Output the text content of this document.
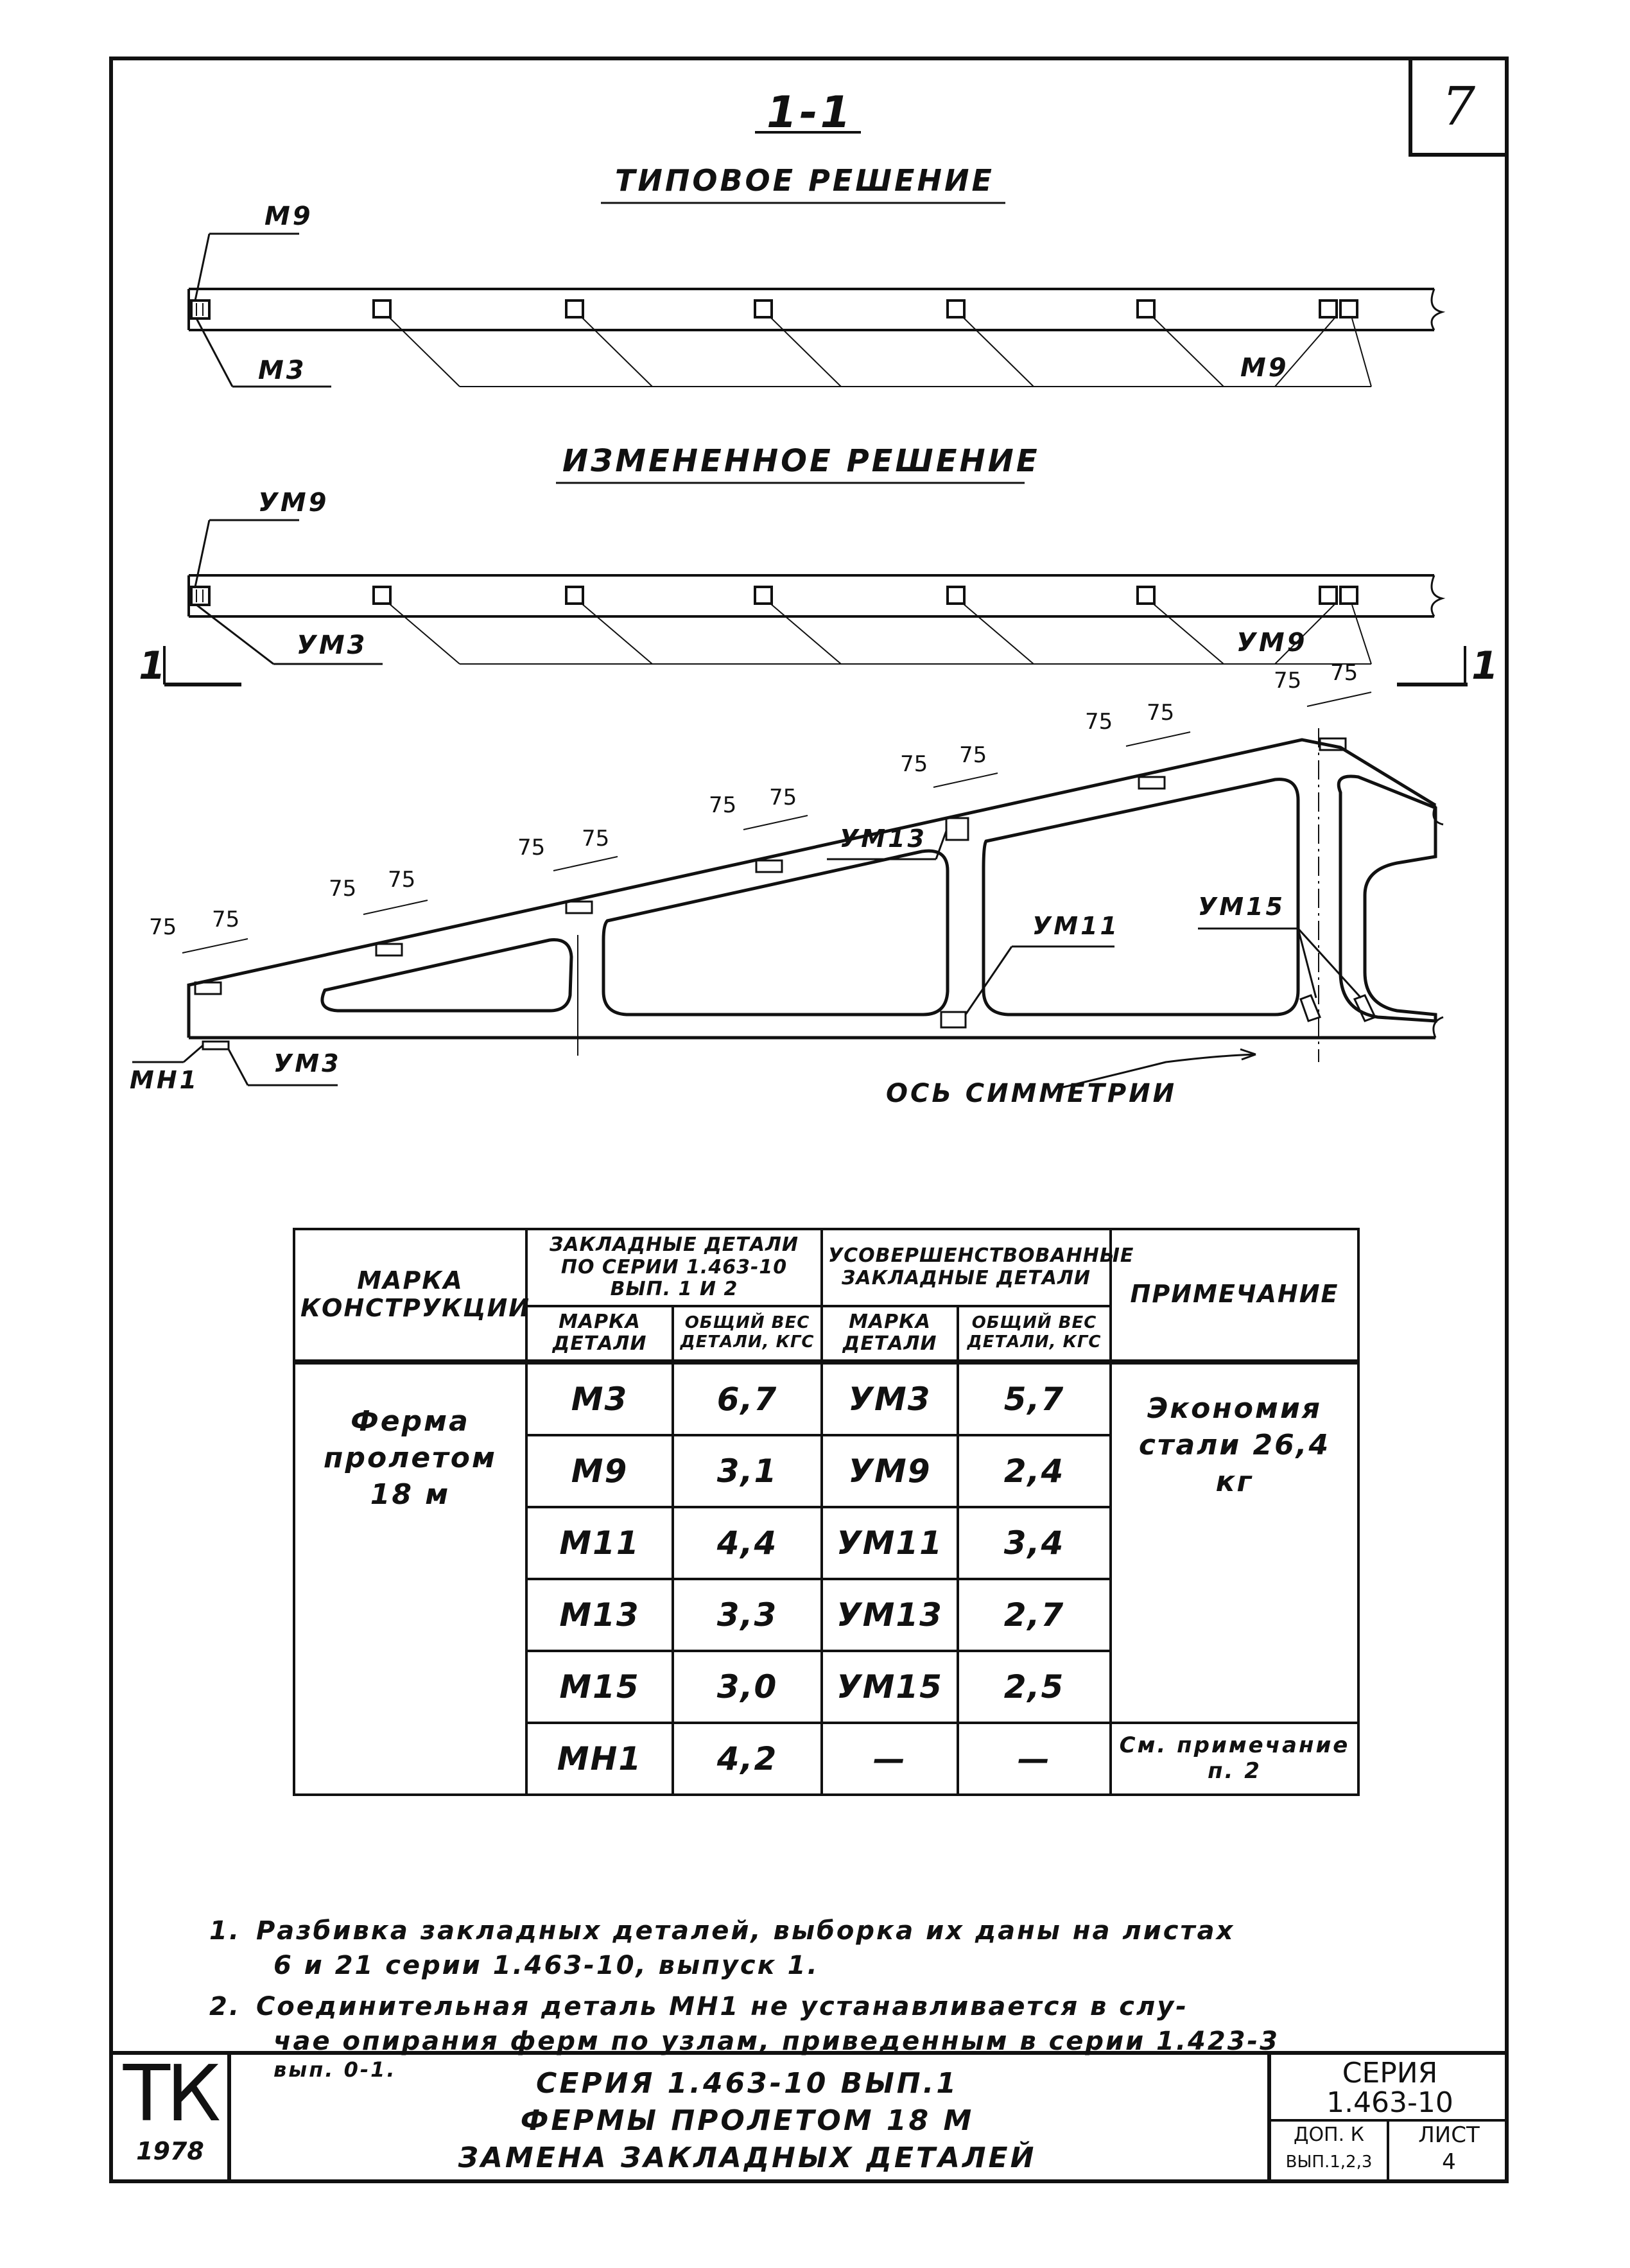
7
1-1
ТИПОВОЕ РЕШЕНИЕ
М9
М3	М9
ИЗМЕНЕННОЕ РЕШЕНИЕ
УМ9
УМ3	УМ9
1	1
75 75
75 75
75 75
75 75
75 75
75 75
75 75
УМ13
УМ11
УМ15
МН1
УМ3
ОСЬ СИММЕТРИИ
МАРКА КОНСТРУКЦИИ	ЗАКЛАДНЫЕ ДЕТАЛИ ПО СЕРИИ 1.463-10 ВЫП. 1 И 2		УСОВЕРШЕНСТВОВАННЫЕ ЗАКЛАДНЫЕ ДЕТАЛИ		ПРИМЕЧАНИЕ
	МАРКА ДЕТАЛИ	ОБЩИЙ ВЕС ДЕТАЛИ, КГС	МАРКА ДЕТАЛИ	ОБЩИЙ ВЕС ДЕТАЛИ, КГС	
Ферма пролетом 18 м	М3	6,7	УМ3	5,7	Экономия стали 26,4 кг
	М9	3,1	УМ9	2,4	
	М11	4,4	УМ11	3,4	
	М13	3,3	УМ13	2,7	
	М15	3,0	УМ15	2,5	
	МН1	4,2	—	—	См. примечание п. 2
1. Разбивка закладных деталей, выборка их даны на листах
6 и 21 серии 1.463-10, выпуск 1.
2. Соединительная деталь МН1 не устанавливается в слу-
чае опирания ферм по узлам, приведенным в серии 1.423-3
вып. 0-1.
ТК
1978
СЕРИЯ 1.463-10 ВЫП.1
ФЕРМЫ ПРОЛЕТОМ 18 М
ЗАМЕНА ЗАКЛАДНЫХ ДЕТАЛЕЙ
СЕРИЯ
1.463-10
ДОП. К
ВЫП.1,2,3
ЛИСТ
4
